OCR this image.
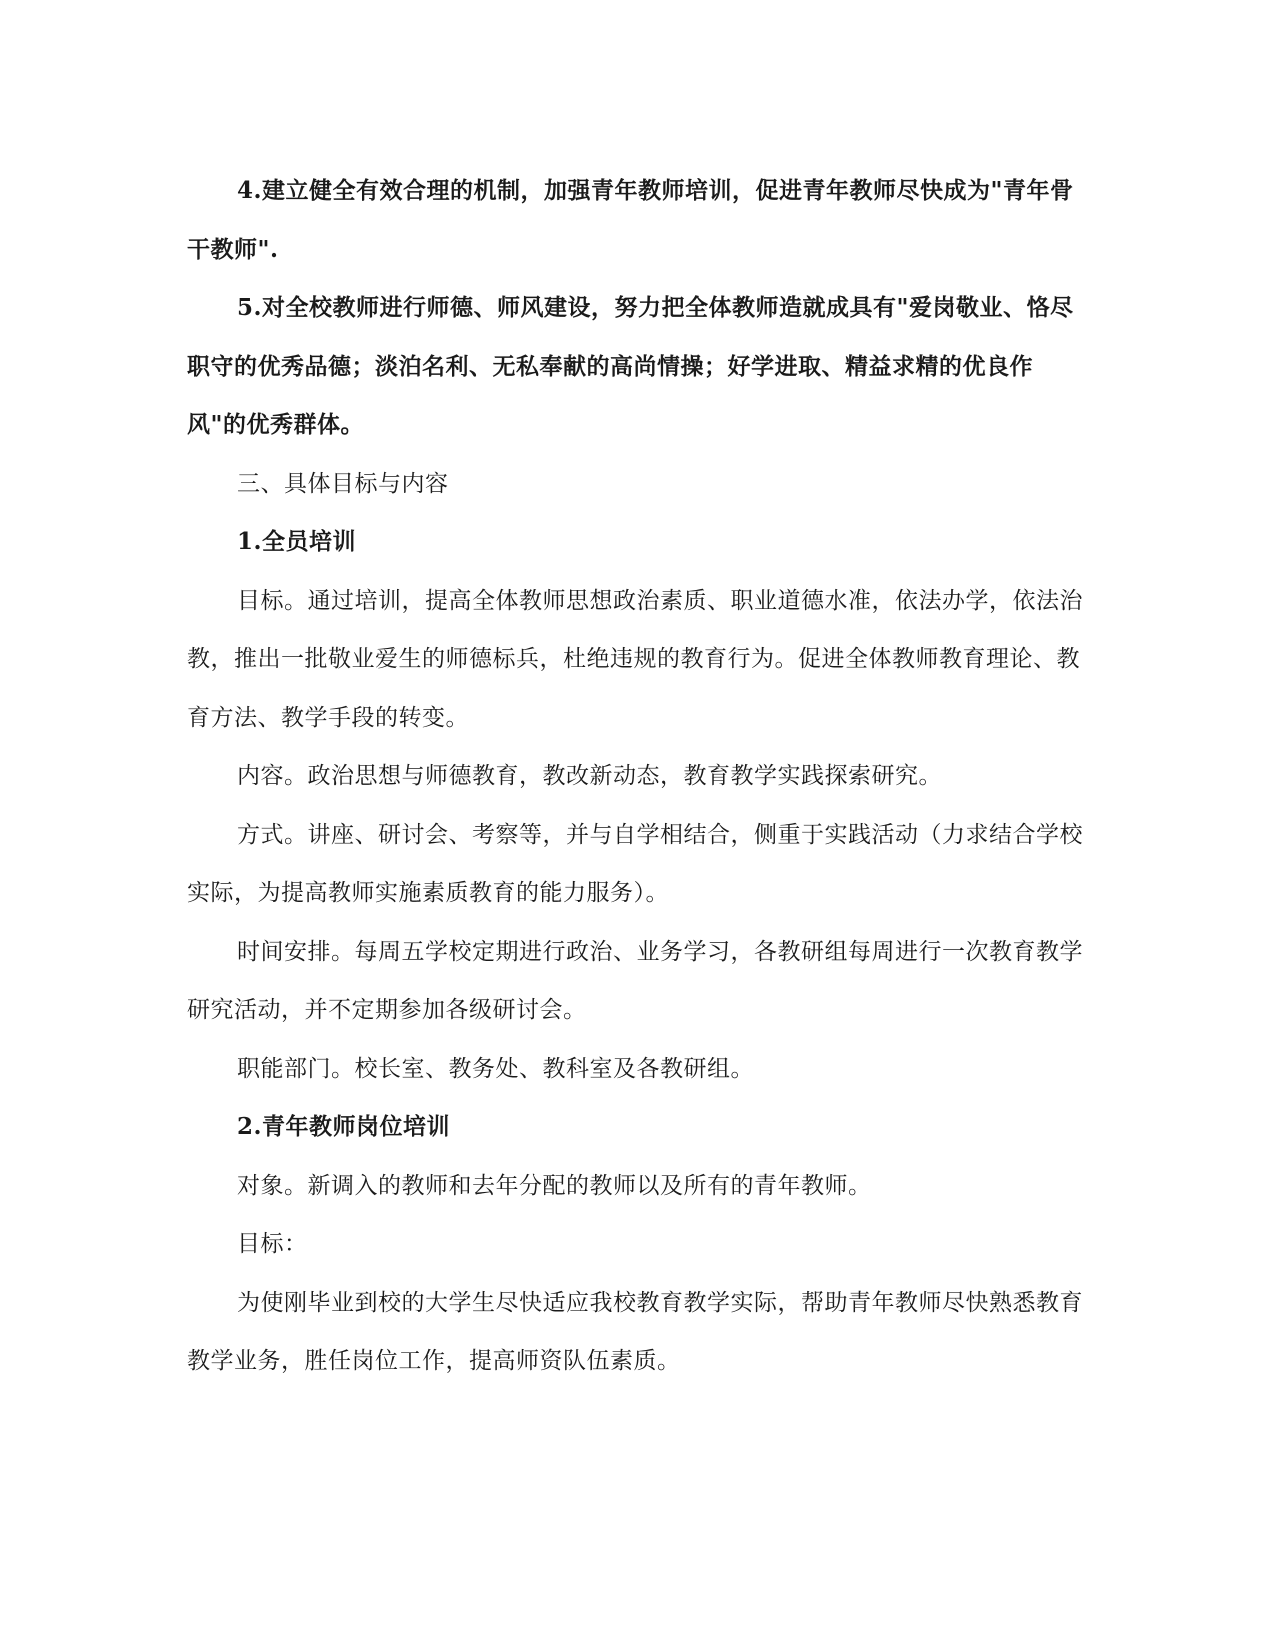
4.建立健全有效合理的机制，加强青年教师培训，促进青年教师尽快成为"青年骨干教师".

5.对全校教师进行师德、师风建设，努力把全体教师造就成具有"爱岗敬业、恪尽职守的优秀品德；淡泊名利、无私奉献的高尚情操；好学进取、精益求精的优良作风"的优秀群体。

三、具体目标与内容

1.全员培训

目标。通过培训，提高全体教师思想政治素质、职业道德水准，依法办学，依法治教，推出一批敬业爱生的师德标兵，杜绝违规的教育行为。促进全体教师教育理论、教育方法、教学手段的转变。

内容。政治思想与师德教育，教改新动态，教育教学实践探索研究。

方式。讲座、研讨会、考察等，并与自学相结合，侧重于实践活动（力求结合学校实际，为提高教师实施素质教育的能力服务）。

时间安排。每周五学校定期进行政治、业务学习，各教研组每周进行一次教育教学研究活动，并不定期参加各级研讨会。

职能部门。校长室、教务处、教科室及各教研组。

2.青年教师岗位培训

对象。新调入的教师和去年分配的教师以及所有的青年教师。

目标：

为使刚毕业到校的大学生尽快适应我校教育教学实际，帮助青年教师尽快熟悉教育教学业务，胜任岗位工作，提高师资队伍素质。
